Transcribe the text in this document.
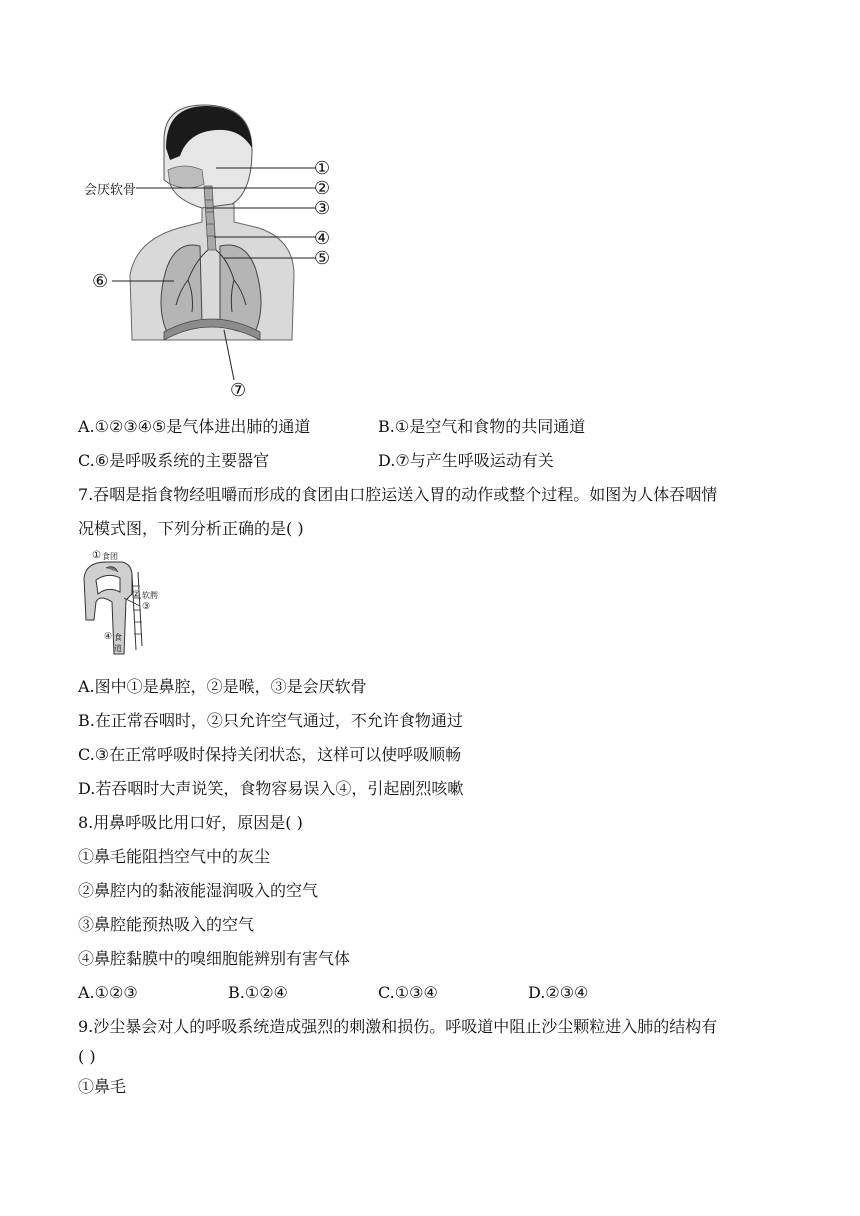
会厌软骨
①
②
③
④
⑤
⑥
⑦
A.①②③④⑤是气体进出肺的通道	B.①是空气和食物的共同通道
C.⑥是呼吸系统的主要器官	D.⑦与产生呼吸运动有关
7.吞咽是指食物经咀嚼而形成的食团由口腔运送入胃的动作或整个过程。如图为人体吞咽情
况模式图，下列分析正确的是( )
① 食团
② 软腭
③
④ 食
道
A.图中①是鼻腔，②是喉，③是会厌软骨
B.在正常吞咽时，②只允许空气通过，不允许食物通过
C.③在正常呼吸时保持关闭状态，这样可以使呼吸顺畅
D.若吞咽时大声说笑，食物容易误入④，引起剧烈咳嗽
8.用鼻呼吸比用口好，原因是( )
①鼻毛能阻挡空气中的灰尘
②鼻腔内的黏液能湿润吸入的空气
③鼻腔能预热吸入的空气
④鼻腔黏膜中的嗅细胞能辨别有害气体
A.①②③	B.①②④	C.①③④	D.②③④
9.沙尘暴会对人的呼吸系统造成强烈的刺激和损伤。呼吸道中阻止沙尘颗粒进入肺的结构有
( )
①鼻毛
